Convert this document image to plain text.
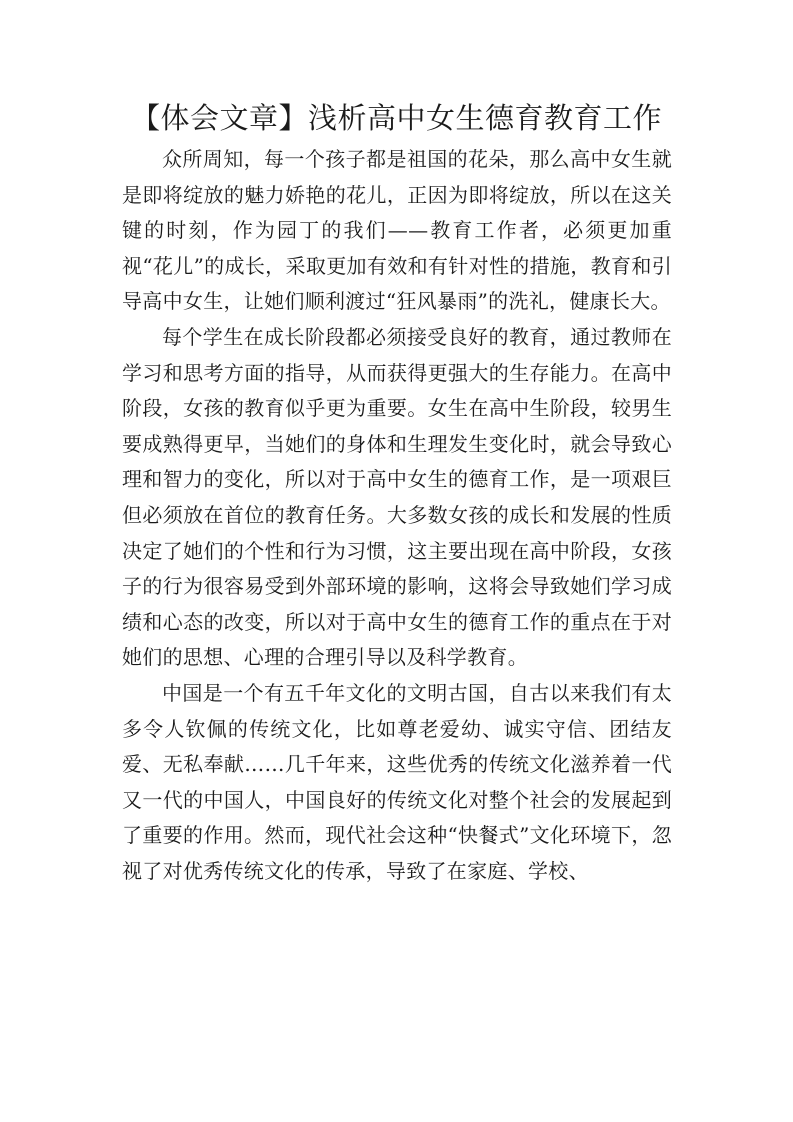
【体会文章】浅析高中女生德育教育工作

众所周知，每一个孩子都是祖国的花朵，那么高中女生就是即将绽放的魅力娇艳的花儿，正因为即将绽放，所以在这关键的时刻，作为园丁的我们——教育工作者，必须更加重视“花儿”的成长，采取更加有效和有针对性的措施，教育和引导高中女生，让她们顺利渡过“狂风暴雨”的洗礼，健康长大。

每个学生在成长阶段都必须接受良好的教育，通过教师在学习和思考方面的指导，从而获得更强大的生存能力。在高中阶段，女孩的教育似乎更为重要。女生在高中生阶段，较男生要成熟得更早，当她们的身体和生理发生变化时，就会导致心理和智力的变化，所以对于高中女生的德育工作，是一项艰巨但必须放在首位的教育任务。大多数女孩的成长和发展的性质决定了她们的个性和行为习惯，这主要出现在高中阶段，女孩子的行为很容易受到外部环境的影响，这将会导致她们学习成绩和心态的改变，所以对于高中女生的德育工作的重点在于对她们的思想、心理的合理引导以及科学教育。

中国是一个有五千年文化的文明古国，自古以来我们有太多令人钦佩的传统文化，比如尊老爱幼、诚实守信、团结友爱、无私奉献……几千年来，这些优秀的传统文化滋养着一代又一代的中国人，中国良好的传统文化对整个社会的发展起到了重要的作用。然而，现代社会这种“快餐式”文化环境下，忽视了对优秀传统文化的传承，导致了在家庭、学校、
